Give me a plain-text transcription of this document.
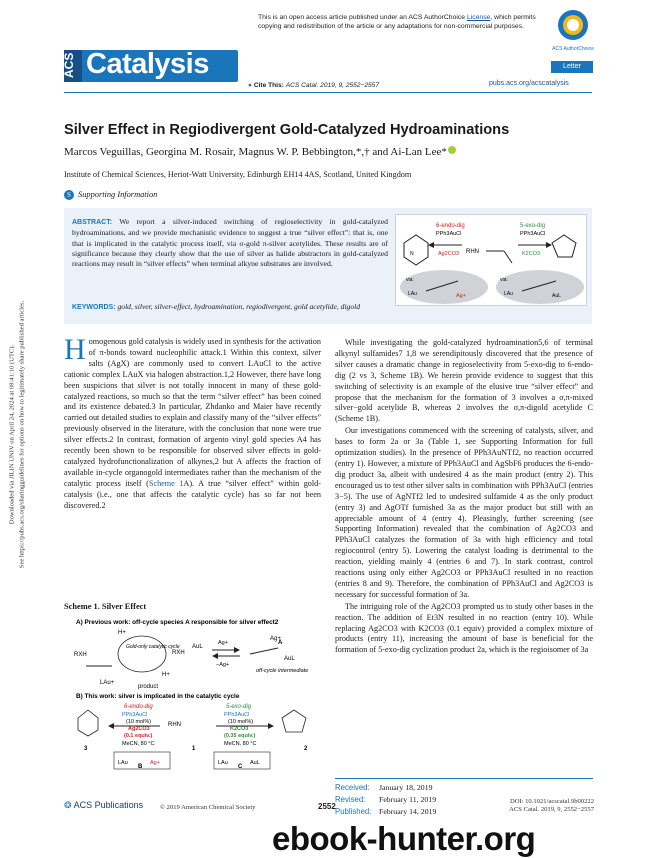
Downloaded via JILIN UNIV on April 24, 2024 at 08:41:10 (UTC). See https://pubs.acs.org/sharingguidelines for options on how to legitimately share published articles.
This is an open access article published under an ACS AuthorChoice License, which permits copying and redistribution of the article or any adaptations for non-commercial purposes.
ACS AuthorChoice
ACS Catalysis	Letter
● Cite This: ACS Catal. 2019, 9, 2552−2557	pubs.acs.org/acscatalysis
Silver Effect in Regiodivergent Gold-Catalyzed Hydroaminations
Marcos Veguillas, Georgina M. Rosair, Magnus W. P. Bebbington,*,† and Ai-Lan Lee*
Institute of Chemical Sciences, Heriot-Watt University, Edinburgh EH14 4AS, Scotland, United Kingdom
S Supporting Information
ABSTRACT: We report a silver-induced switching of regioselectivity in gold-catalyzed hydroaminations, and we provide mechanistic evidence to suggest a true “silver effect”: that is, one that is implicated in the catalytic process itself, via σ-gold π-silver acetylides. These results are of significance because they clearly show that the use of silver as halide abstractors in gold-catalyzed reactions may result in “silver effects” when terminal alkyne substrates are involved.
N	RHN
6-endo-dig
PPh3AuCl
Ag2CO3
5-exo-dig
PPh3AuCl
K2CO3
via:	via:
LAu	Ag+	LAu	AuL
KEYWORDS: gold, silver, silver-effect, hydroamination, regiodivergent, gold acetylide, digold
Homogenous gold catalysis is widely used in synthesis for the activation of π-bonds toward nucleophilic attack.1 Within this context, silver salts (AgX) are commonly used to convert LAuCl to the active cationic complex LAuX via halogen abstraction.1,2 However, there have long been suspicions that silver is not totally innocent in many of these gold-catalyzed reactions, so much so that the term “silver effect” has been coined and its existence debated.3 In particular, Zhdanko and Maier have recently carried out detailed studies to explain and classify many of the “silver effects” previously observed in the literature, with the conclusion that none were true silver effects.2 In contrast, formation of argento vinyl gold species A4 has recently been shown to be responsible for observed silver effects in gold-catalyzed hydrofunctionalization of alkynes,2 but A affects the fraction of available in-cycle organogold intermediates rather than the mechanism of the catalytic process itself (Scheme 1A). A true “silver effect” within gold-catalysis (i.e., one that affects the catalytic cycle) has so far not been discovered.2
Scheme 1. Silver Effect
A) Previous work: off-cycle species A responsible for silver effect2
Gold-only catalytic cycle
RXH
LAu+
H+
H+
product
RXH
AuL
Ag+
−Ag+
Ag+
AuL
off-cycle intermediate
A
B) This work: silver is implicated in the catalytic cycle
3
6-endo-dig
PPh3AuCl
(10 mol%)
Ag2CO3
(0.1 equiv.)
MeCN, 80 °C
RHN
1
5-exo-dig
PPh3AuCl
(10 mol%)
K2CO3
(0.35 equiv.)
MeCN, 80 °C
2
LAu	Ag+
B
LAu	AuL
C
While investigating the gold-catalyzed hydroamination5,6 of terminal alkynyl sulfamides7 1,8 we serendipitously discovered that the presence of silver causes a dramatic change in regioselectivity from 5-exo-dig to 6-endo-dig (2 vs 3, Scheme 1B). We herein provide evidence to suggest that this switching of selectivity is an example of the elusive true “silver effect” and propose that the mechanism for the formation of 3 involves a σ,π-mixed silver−gold acetylide B, whereas 2 involves the σ,π-digold acetylide C (Scheme 1B).
Our investigations commenced with the screening of catalysts, silver, and bases to form 2a or 3a (Table 1, see Supporting Information for full optimization studies). In the presence of PPh3AuNTf2, no reaction occurred (entry 1). However, a mixture of PPh3AuCl and AgSbF6 produces the 6-endo-dig product 3a, albeit with undesired 4 as the main product (entry 2). This encouraged us to test other silver salts in combination with PPh3AuCl (entries 3−5). The use of AgNTf2 led to undesired sulfamide 4 as the only product (entry 3) and AgOTf furnished 3a as the major product but still with an appreciable amount of 4 (entry 4). Pleasingly, further screening (see Supporting Information) revealed that the combination of Ag2CO3 and PPh3AuCl catalyzes the formation of 3a with high efficiency and total regiocontrol (entry 5). Lowering the catalyst loading is detrimental to the reaction, yielding mainly 4 (entries 6 and 7). In stark contrast, control reactions using only either Ag2CO3 or PPh3AuCl resulted in no reaction (entries 8 and 9). Therefore, the combination of PPh3AuCl and Ag2CO3 is necessary for successful formation of 3a.
The intriguing role of the Ag2CO3 prompted us to study other bases in the reaction. The addition of Et3N resulted in no reaction (entry 10). While replacing Ag2CO3 with K2CO3 (0.1 equiv) provided a complex mixture of products (entry 11), increasing the amount of base is beneficial for the formation of 5-exo-dig cyclization product 2a, which is the regioisomer of 3a
Received: January 18, 2019
Revised: February 11, 2019
Published: February 14, 2019
❂ ACS Publications	© 2019 American Chemical Society	2552
DOI: 10.1021/acscatal.9b00222
ACS Catal. 2019, 9, 2552−2557
ebook-hunter.org
